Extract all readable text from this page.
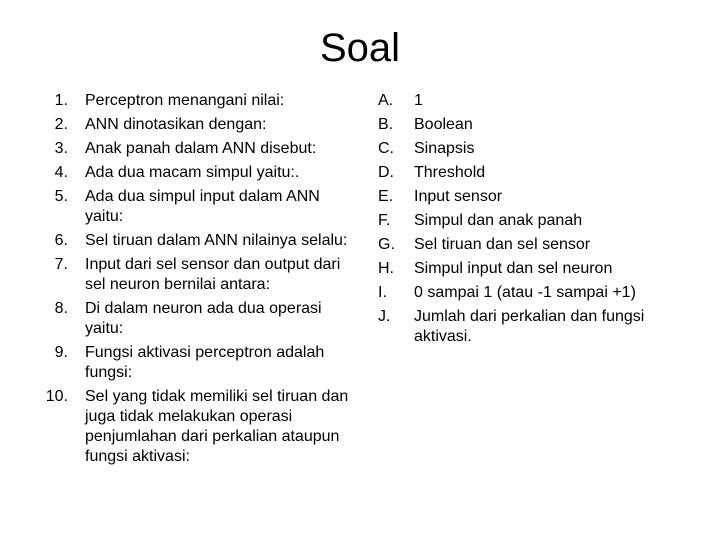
Soal
1.	Perceptron menangani nilai:
2.	ANN dinotasikan dengan:
3.	Anak panah dalam ANN disebut:
4.	Ada dua macam simpul yaitu:.
5.	Ada dua simpul input dalam ANN yaitu:
6.	Sel tiruan dalam ANN nilainya selalu:
7.	Input dari sel sensor dan output dari sel neuron bernilai antara:
8.	Di dalam neuron ada dua operasi yaitu:
9.	Fungsi aktivasi perceptron adalah fungsi:
10.	Sel yang tidak memiliki sel tiruan dan juga tidak melakukan operasi penjumlahan dari perkalian ataupun fungsi aktivasi:
A.	1
B.	Boolean
C.	Sinapsis
D.	Threshold
E.	Input sensor
F.	Simpul dan anak panah
G.	Sel tiruan dan sel sensor
H.	Simpul input dan sel neuron
I.	0 sampai 1 (atau -1 sampai +1)
J.	Jumlah dari perkalian dan fungsi aktivasi.
